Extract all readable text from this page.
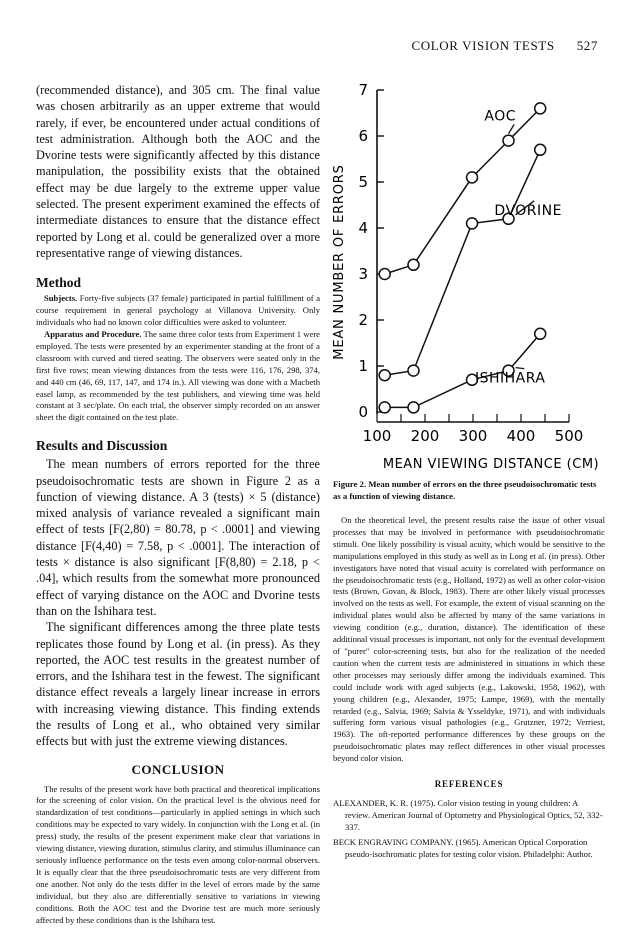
COLOR VISION TESTS 527

(recommended distance), and 305 cm. The final value was chosen arbitrarily as an upper extreme that would rarely, if ever, be encountered under actual conditions of test administration. Although both the AOC and the Dvorine tests were significantly affected by this distance manipulation, the possibility exists that the obtained effect may be due largely to the extreme upper value selected. The present experiment examined the effects of intermediate distances to ensure that the distance effect reported by Long et al. could be generalized over a more representative range of viewing distances.

Method

Subjects. Forty-five subjects (37 female) participated in partial fulfillment of a course requirement in general psychology at Villanova University. Only individuals who had no known color difficulties were asked to volunteer.

Apparatus and Procedure. The same three color tests from Experiment 1 were employed. The tests were presented by an experimenter standing at the front of a classroom with curved and tiered seating. The observers were seated only in the first five rows; mean viewing distances from the tests were 116, 176, 298, 374, and 440 cm (46, 69, 117, 147, and 174 in.). All viewing was done with a Macbeth easel lamp, as recommended by the test publishers, and viewing time was held constant at 3 sec/plate. On each trial, the observer simply recorded on an answer sheet the digit contained on the test plate.

Results and Discussion

The mean numbers of errors reported for the three pseudoisochromatic tests are shown in Figure 2 as a function of viewing distance. A 3 (tests) × 5 (distance) mixed analysis of variance revealed a significant main effect of tests [F(2,80) = 80.78, p < .0001] and viewing distance [F(4,40) = 7.58, p < .0001]. The interaction of tests × distance is also significant [F(8,80) = 2.18, p < .04], which results from the somewhat more pronounced effect of varying distance on the AOC and Dvorine tests than on the Ishihara test.

The significant differences among the three plate tests replicates those found by Long et al. (in press). As they reported, the AOC test results in the greatest number of errors, and the Ishihara test in the fewest. The significant distance effect reveals a largely linear increase in errors with increasing viewing distance. This finding extends the results of Long et al., who obtained very similar effects but with just the extreme viewing distances.

CONCLUSION

The results of the present work have both practical and theoretical implications for the screening of color vision. On the practical level is the obvious need for standardization of test conditions—particularly in applied settings in which such conditions may be expected to vary widely. In conjunction with the Long et al. (in press) study, the results of the present experiment make clear that variations in viewing distance, viewing duration, stimulus clarity, and stimulus illuminance can seriously influence performance on the tests even among color-normal observers. It is equally clear that the three pseudoisochromatic tests are very different from one another. Not only do the tests differ in the level of errors made by the same individual, but they also are differentially sensitive to variations in viewing conditions. Both the AOC test and the Dvorine test are much more seriously affected by these conditions than is the Ishihara test.

0
1
2
3
4
5
6
7
100 200 300 400 500
AOC
DVORINE
ISHIHARA
MEAN NUMBER OF ERRORS
MEAN VIEWING DISTANCE (CM)

Figure 2. Mean number of errors on the three pseudoisochromatic tests as a function of viewing distance.

On the theoretical level, the present results raise the issue of other visual processes that may be involved in performance with pseudoisochromatic stimuli. One likely possibility is visual acuity, which would be sensitive to the manipulations employed in this study as well as in Long et al. (in press). Other investigators have noted that visual acuity is correlated with performance on the pseudoisochromatic tests (e.g., Holland, 1972) as well as other color-vision tests (Brown, Govan, & Block, 1983). There are other likely visual processes involved on the tests as well. For example, the extent of visual scanning on the individual plates would also be affected by many of the same variations in viewing condition (e.g., duration, distance). The identification of these additional visual processes is important, not only for the eventual development of "purer" color-screening tests, but also for the realization of the needed caution when the current tests are administered in situations in which these other processes may seriously differ among the individuals examined. This could include work with aged subjects (e.g., Lakowski, 1958, 1962), with young children (e.g., Alexander, 1975; Lampe, 1969), with the mentally retarded (e.g., Salvia, 1969; Salvia & Ysseldyke, 1971), and with individuals suffering form various visual pathologies (e.g., Grutzner, 1972; Verriest, 1963). The oft-reported performance differences by these groups on the pseudoisochromatic plates may reflect differences in other visual processes beyond color vision.

REFERENCES

ALEXANDER, K. R. (1975). Color vision testing in young children: A review. American Journal of Optometry and Physiological Optics, 52, 332-337.

BECK ENGRAVING COMPANY. (1965). American Optical Corporation pseudo-isochromatic plates for testing color vision. Philadelphi: Author.
